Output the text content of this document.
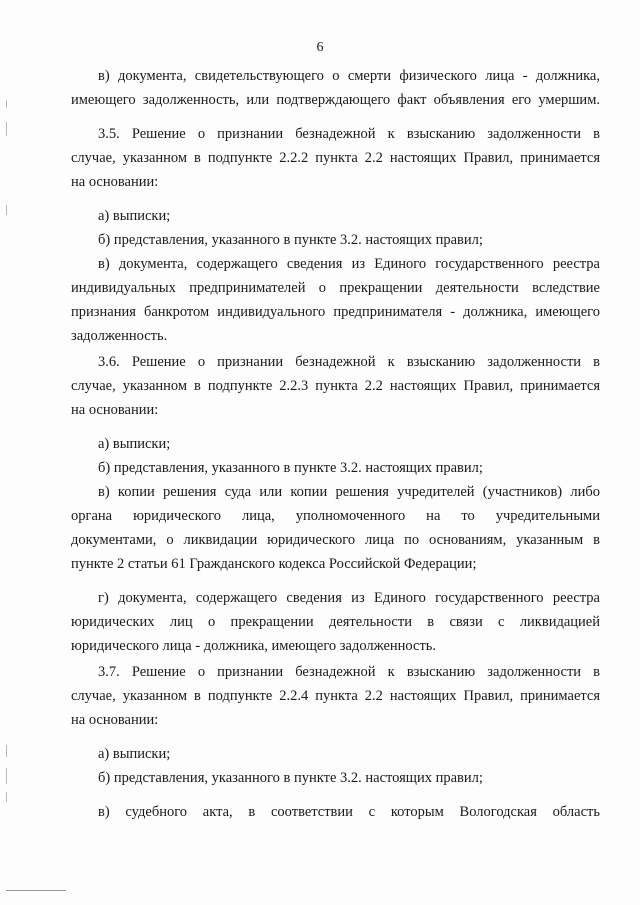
6
в) документа, свидетельствующего о смерти физического лица - должника,
имеющего задолженность, или подтверждающего факт объявления его умершим.
3.5. Решение о признании безнадежной к взысканию задолженности в
случае, указанном в подпункте 2.2.2 пункта 2.2 настоящих Правил, принимается
на основании:
а) выписки;
б) представления, указанного в пункте 3.2. настоящих правил;
в) документа, содержащего сведения из Единого государственного реестра
индивидуальных предпринимателей о прекращении деятельности вследствие
признания банкротом индивидуального предпринимателя - должника, имеющего
задолженность.
3.6. Решение о признании безнадежной к взысканию задолженности в
случае, указанном в подпункте 2.2.3 пункта 2.2 настоящих Правил, принимается
на основании:
а) выписки;
б) представления, указанного в пункте 3.2. настоящих правил;
в) копии решения суда или копии решения учредителей (участников) либо
органа юридического лица, уполномоченного на то учредительными
документами, о ликвидации юридического лица по основаниям, указанным в
пункте 2 статьи 61 Гражданского кодекса Российской Федерации;
г) документа, содержащего сведения из Единого государственного реестра
юридических лиц о прекращении деятельности в связи с ликвидацией
юридического лица - должника, имеющего задолженность.
3.7. Решение о признании безнадежной к взысканию задолженности в
случае, указанном в подпункте 2.2.4 пункта 2.2 настоящих Правил, принимается
на основании:
а) выписки;
б) представления, указанного в пункте 3.2. настоящих правил;
в) судебного акта, в соответствии с которым Вологодская область
